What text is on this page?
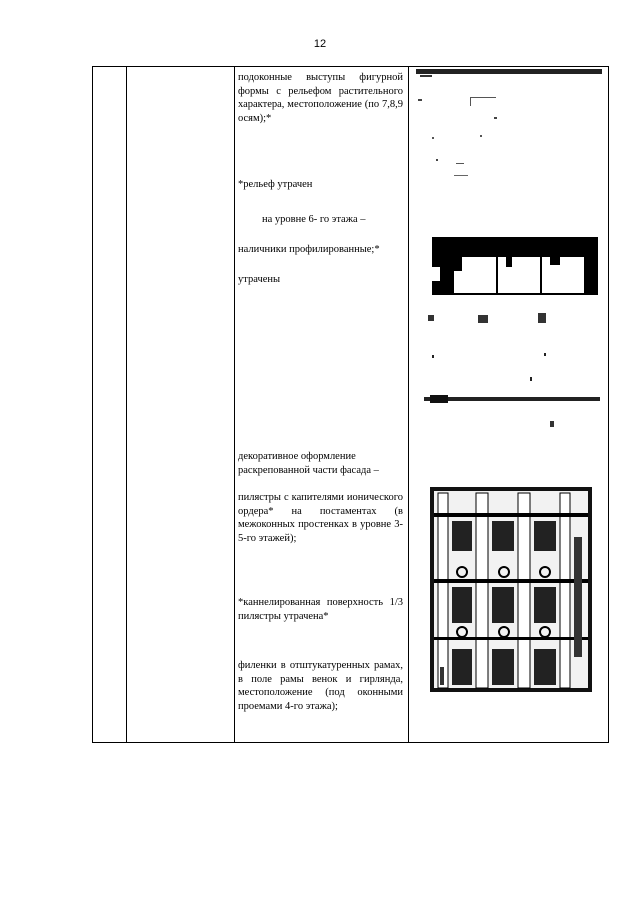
12

подоконные выступы фигурной формы с рельефом растительного характера, местоположение (по 7,8,9 осям);*

*рельеф утрачен

на уровне 6- го этажа –

наличники профилированные;*

утрачены

декоративное оформление раскрепованной части фасада –

пилястры с капителями ионического ордера* на постаментах (в межоконных простенках в уровне 3-5-го этажей);

*каннелированная поверхность 1/3 пилястры утрачена*

филенки в отштукатуренных рамах, в поле рамы венок и гирлянда, местоположение (под оконными проемами 4-го этажа);
